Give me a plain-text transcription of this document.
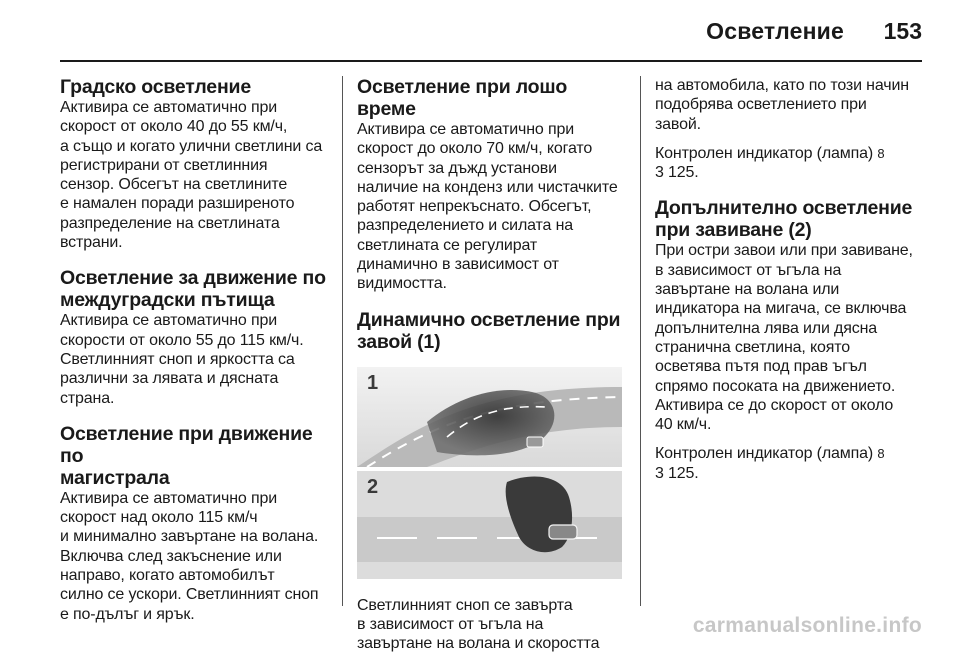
Осветление 153
Градско осветление

Активира се автоматично при

скорост от около 40 до 55 км/ч,

а също и когато улични светлини са

регистрирани от светлинния

сензор. Обсегът на светлините

е намален поради разширеното

разпределение на светлината

встрани.

Осветление за движение по
междуградски пътища

Активира се автоматично при

скорости от около 55 до 115 км/ч.

Светлинният сноп и яркостта са

различни за лявата и дясната

страна.

Осветление при движение по
магистрала

Активира се автоматично при

скорост над около 115 км/ч

и минимално завъртане на волана.

Включва след закъснение или

направо, когато автомобилът

силно се ускори. Светлинният сноп

е по-дълъг и ярък.

Осветление при лошо време

Активира се автоматично при

скорост до около 70 км/ч, когато

сензорът за дъжд установи

наличие на конденз или чистачките

работят непрекъснато. Обсегът,

разпределението и силата на

светлината се регулират

динамично в зависимост от

видимостта.

Динамично осветление при
завой (1)
1
2

Светлинният сноп се завърта

в зависимост от ъгъла на

завъртане на волана и скоростта

на автомобила, като по този начин

подобрява осветлението при

завой.

Контролен индикатор (лампа) 8

3 125.

Допълнително осветление
при завиване (2)

При остри завои или при завиване,

в зависимост от ъгъла на

завъртане на волана или

индикатора на мигача, се включва

допълнителна лява или дясна

странична светлина, която

осветява пътя под прав ъгъл

спрямо посоката на движението.

Активира се до скорост от около

40 км/ч.

Контролен индикатор (лампа) 8

3 125.

carmanualsonline.info
